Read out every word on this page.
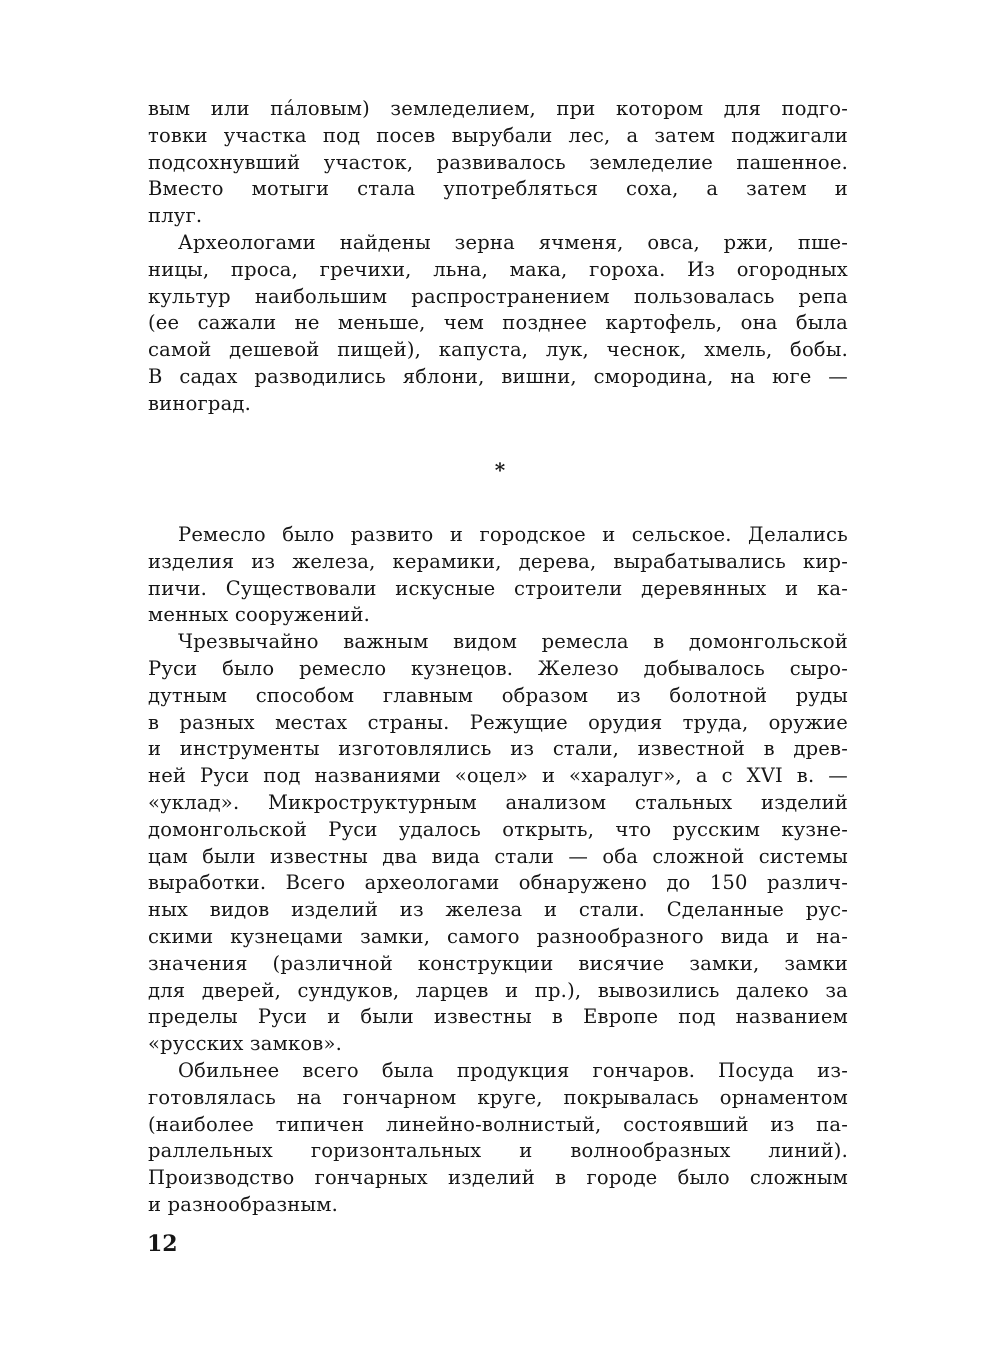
вым или пáловым) земледелием, при котором для подго-
товки участка под посев вырубали лес, а затем поджигали
подсохнувший участок, развивалось земледелие пашенное.
Вместо мотыги стала употребляться соха, а затем и
плуг.
Археологами найдены зерна ячменя, овса, ржи, пше-
ницы, проса, гречихи, льна, мака, гороха. Из огородных
культур наибольшим распространением пользовалась репа
(ее сажали не меньше, чем позднее картофель, она была
самой дешевой пищей), капуста, лук, чеснок, хмель, бобы.
В садах разводились яблони, вишни, смородина, на юге —
виноград.
*
Ремесло было развито и городское и сельское. Делались
изделия из железа, керамики, дерева, вырабатывались кир-
пичи. Существовали искусные строители деревянных и ка-
менных сооружений.
Чрезвычайно важным видом ремесла в домонгольской
Руси было ремесло кузнецов. Железо добывалось сыро-
дутным способом главным образом из болотной руды
в разных местах страны. Режущие орудия труда, оружие
и инструменты изготовлялись из стали, известной в древ-
ней Руси под названиями «оцел» и «харалуг», а с XVI в. —
«уклад». Микроструктурным анализом стальных изделий
домонгольской Руси удалось открыть, что русским кузне-
цам были известны два вида стали — оба сложной системы
выработки. Всего археологами обнаружено до 150 различ-
ных видов изделий из железа и стали. Сделанные рус-
скими кузнецами замки, самого разнообразного вида и на-
значения (различной конструкции висячие замки, замки
для дверей, сундуков, ларцев и пр.), вывозились далеко за
пределы Руси и были известны в Европе под названием
«русских замков».
Обильнее всего была продукция гончаров. Посуда из-
готовлялась на гончарном круге, покрывалась орнаментом
(наиболее типичен линейно-волнистый, состоявший из па-
раллельных горизонтальных и волнообразных линий).
Производство гончарных изделий в городе было сложным
и разнообразным.
12
